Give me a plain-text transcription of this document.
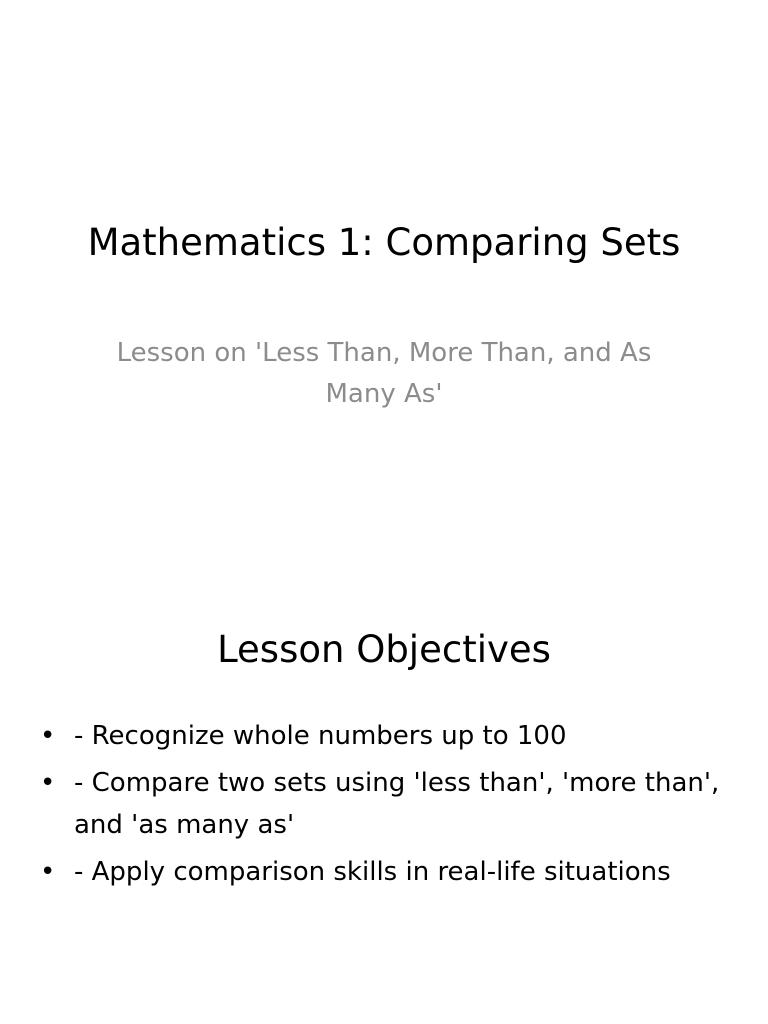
Mathematics 1: Comparing Sets
Lesson on 'Less Than, More Than, and As Many As'
Lesson Objectives
• - Recognize whole numbers up to 100
• - Compare two sets using 'less than', 'more than', and 'as many as'
• - Apply comparison skills in real-life situations
